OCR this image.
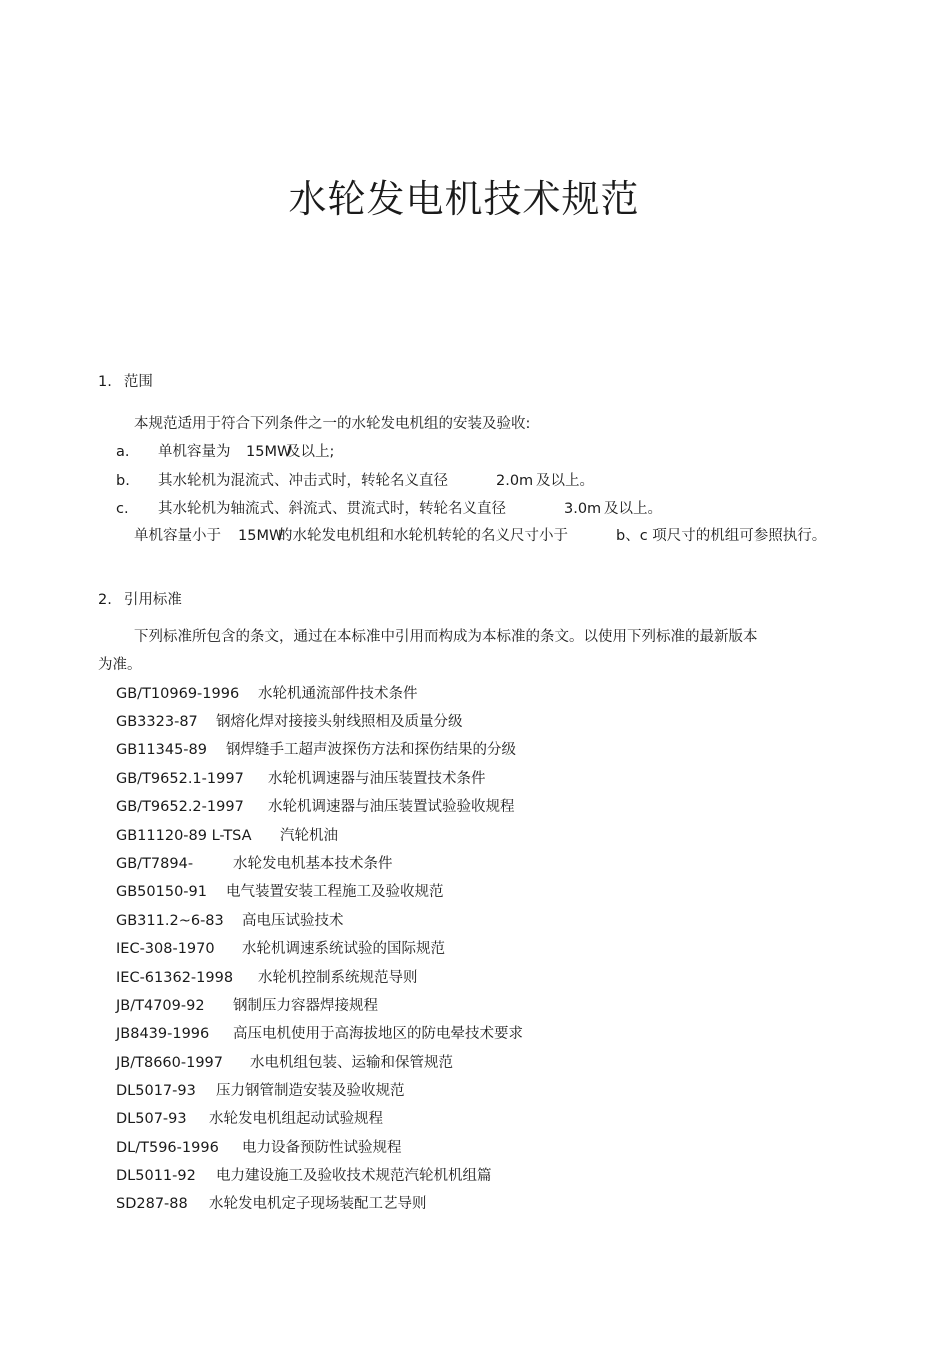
水轮发电机技术规范
1. 范围
本规范适用于符合下列条件之一的水轮发电机组的安装及验收:
a. 单机容量为 15MW
及以上;
b. 其水轮机为混流式、冲击式时，转轮名义直径	2.0m 及以上。
c. 其水轮机为轴流式、斜流式、贯流式时，转轮名义直径	3.0m 及以上。
单机容量小于 15MW
的水轮发电机组和水轮机转轮的名义尺寸小于	b、c 项尺寸的机组可参照执行。
2. 引用标准
下列标准所包含的条文，通过在本标准中引用而构成为本标准的条文。以使用下列标准的最新版本
为准。
GB/T10969-1996 水轮机通流部件技术条件
GB3323-87 钢熔化焊对接接头射线照相及质量分级
GB11345-89 钢焊缝手工超声波探伤方法和探伤结果的分级
GB/T9652.1-1997 水轮机调速器与油压装置技术条件
GB/T9652.2-1997 水轮机调速器与油压装置试验验收规程
GB11120-89 L-TSA 汽轮机油
GB/T7894-	水轮发电机基本技术条件
GB50150-91 电气装置安装工程施工及验收规范
GB311.2~6-83 高电压试验技术
IEC-308-1970 水轮机调速系统试验的国际规范
IEC-61362-1998 水轮机控制系统规范导则
JB/T4709-92 钢制压力容器焊接规程
JB8439-1996 高压电机使用于高海拔地区的防电晕技术要求
JB/T8660-1997 水电机组包装、运输和保管规范
DL5017-93 压力钢管制造安装及验收规范
DL507-93 水轮发电机组起动试验规程
DL/T596-1996 电力设备预防性试验规程
DL5011-92 电力建设施工及验收技术规范汽轮机机组篇
SD287-88 水轮发电机定子现场装配工艺导则
